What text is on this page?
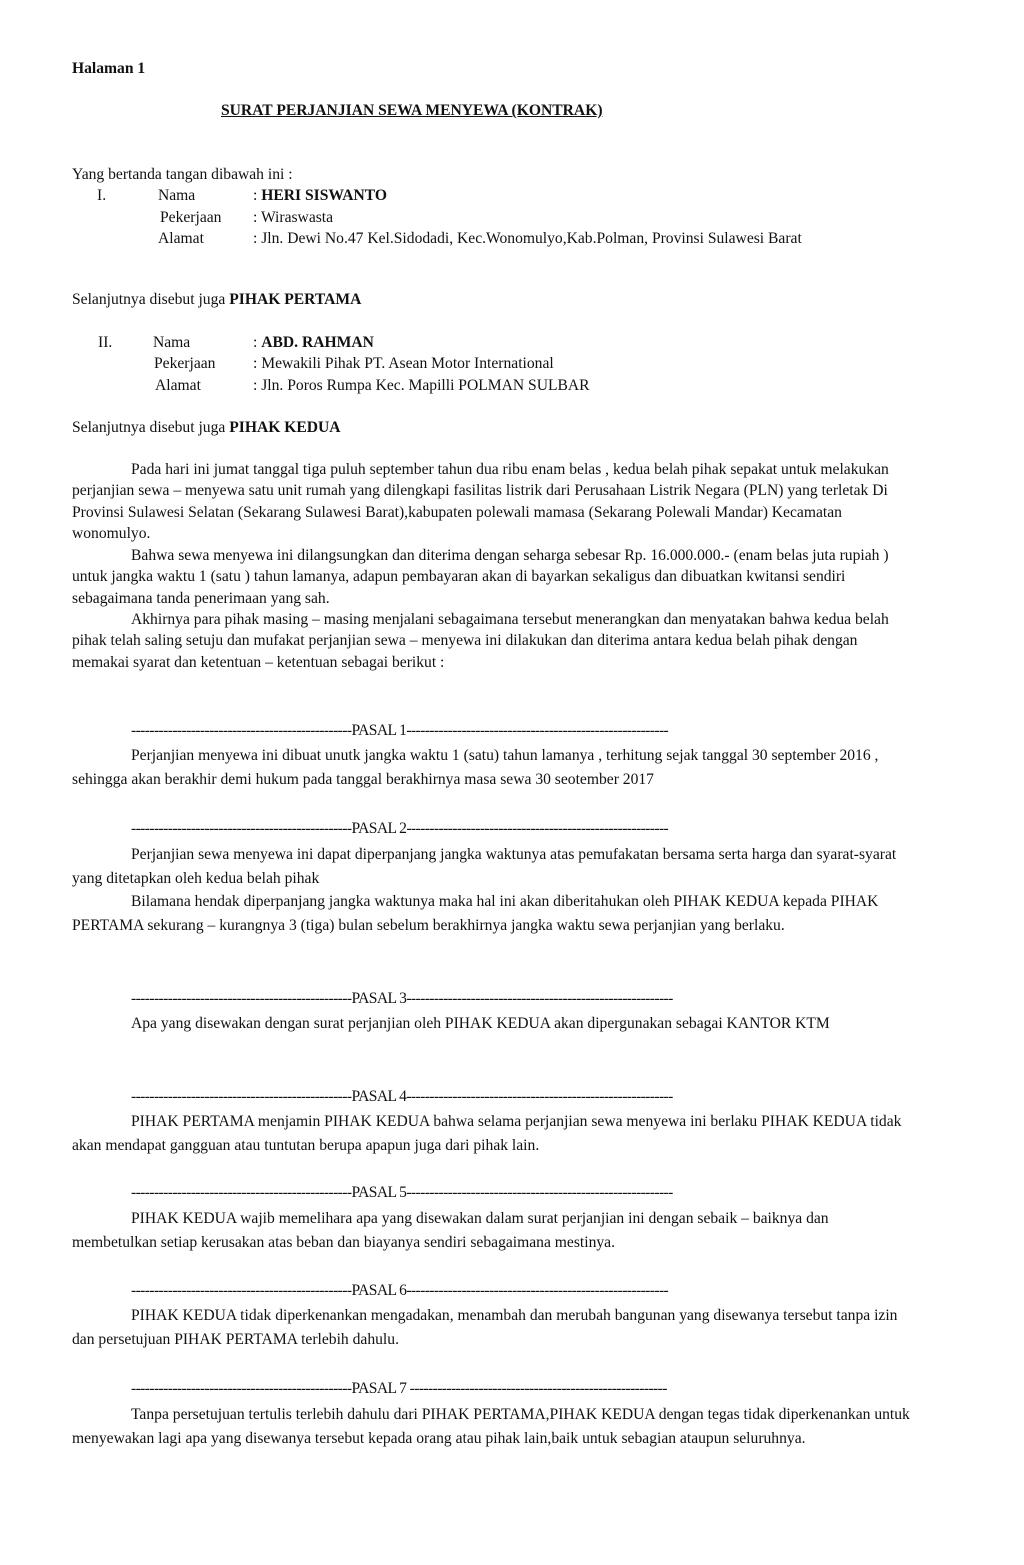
Halaman 1
SURAT PERJANJIAN SEWA MENYEWA (KONTRAK)
Yang bertanda tangan dibawah ini :
I.	Nama	: HERI SISWANTO
Pekerjaan : Wiraswasta
Alamat	: Jln. Dewi No.47 Kel.Sidodadi, Kec.Wonomulyo,Kab.Polman, Provinsi Sulawesi Barat
Selanjutnya disebut juga PIHAK PERTAMA
II.	Nama	: ABD. RAHMAN
Pekerjaan : Mewakili Pihak PT. Asean Motor International
Alamat	: Jln. Poros Rumpa Kec. Mapilli POLMAN SULBAR
Selanjutnya disebut juga PIHAK KEDUA
Pada hari ini jumat tanggal tiga puluh september tahun dua ribu enam belas , kedua belah pihak sepakat untuk melakukan perjanjian sewa – menyewa satu unit rumah yang dilengkapi fasilitas listrik dari Perusahaan Listrik Negara (PLN) yang terletak Di Provinsi Sulawesi Selatan (Sekarang Sulawesi Barat),kabupaten polewali mamasa (Sekarang Polewali Mandar) Kecamatan wonomulyo.
Bahwa sewa menyewa ini dilangsungkan dan diterima dengan seharga sebesar Rp. 16.000.000.- (enam belas juta rupiah ) untuk jangka waktu 1 (satu ) tahun lamanya, adapun pembayaran akan di bayarkan sekaligus dan dibuatkan kwitansi sendiri sebagaimana tanda penerimaan yang sah.
Akhirnya para pihak masing – masing menjalani sebagaimana tersebut menerangkan dan menyatakan bahwa kedua belah pihak telah saling setuju dan mufakat perjanjian sewa – menyewa ini dilakukan dan diterima antara kedua belah pihak dengan memakai syarat dan ketentuan – ketentuan sebagai berikut :
------------------------------------------------PASAL 1---------------------------------------------------------
Perjanjian menyewa ini dibuat unutk jangka waktu 1 (satu) tahun lamanya , terhitung sejak tanggal 30 september 2016 , sehingga akan berakhir demi hukum pada tanggal berakhirnya masa sewa 30 seotember 2017
------------------------------------------------PASAL 2---------------------------------------------------------
Perjanjian sewa menyewa ini dapat diperpanjang jangka waktunya atas pemufakatan bersama serta harga dan syarat-syarat yang ditetapkan oleh kedua belah pihak
Bilamana hendak diperpanjang jangka waktunya maka hal ini akan diberitahukan oleh PIHAK KEDUA kepada PIHAK PERTAMA sekurang – kurangnya 3 (tiga) bulan sebelum berakhirnya jangka waktu sewa perjanjian yang berlaku.
------------------------------------------------PASAL 3----------------------------------------------------------
Apa yang disewakan dengan surat perjanjian oleh PIHAK KEDUA akan dipergunakan sebagai KANTOR KTM
------------------------------------------------PASAL 4----------------------------------------------------------
PIHAK PERTAMA menjamin PIHAK KEDUA bahwa selama perjanjian sewa menyewa ini berlaku PIHAK KEDUA tidak akan mendapat gangguan atau tuntutan berupa apapun juga dari pihak lain.
------------------------------------------------PASAL 5----------------------------------------------------------
PIHAK KEDUA wajib memelihara apa yang disewakan dalam surat perjanjian ini dengan sebaik – baiknya dan membetulkan setiap kerusakan atas beban dan biayanya sendiri sebagaimana mestinya.
------------------------------------------------PASAL 6---------------------------------------------------------
PIHAK KEDUA tidak diperkenankan mengadakan, menambah dan merubah bangunan yang disewanya tersebut tanpa izin dan persetujuan PIHAK PERTAMA terlebih dahulu.
------------------------------------------------PASAL 7 --------------------------------------------------------
Tanpa persetujuan tertulis terlebih dahulu dari PIHAK PERTAMA,PIHAK KEDUA dengan tegas tidak diperkenankan untuk menyewakan lagi apa yang disewanya tersebut kepada orang atau pihak lain,baik untuk sebagian ataupun seluruhnya.
